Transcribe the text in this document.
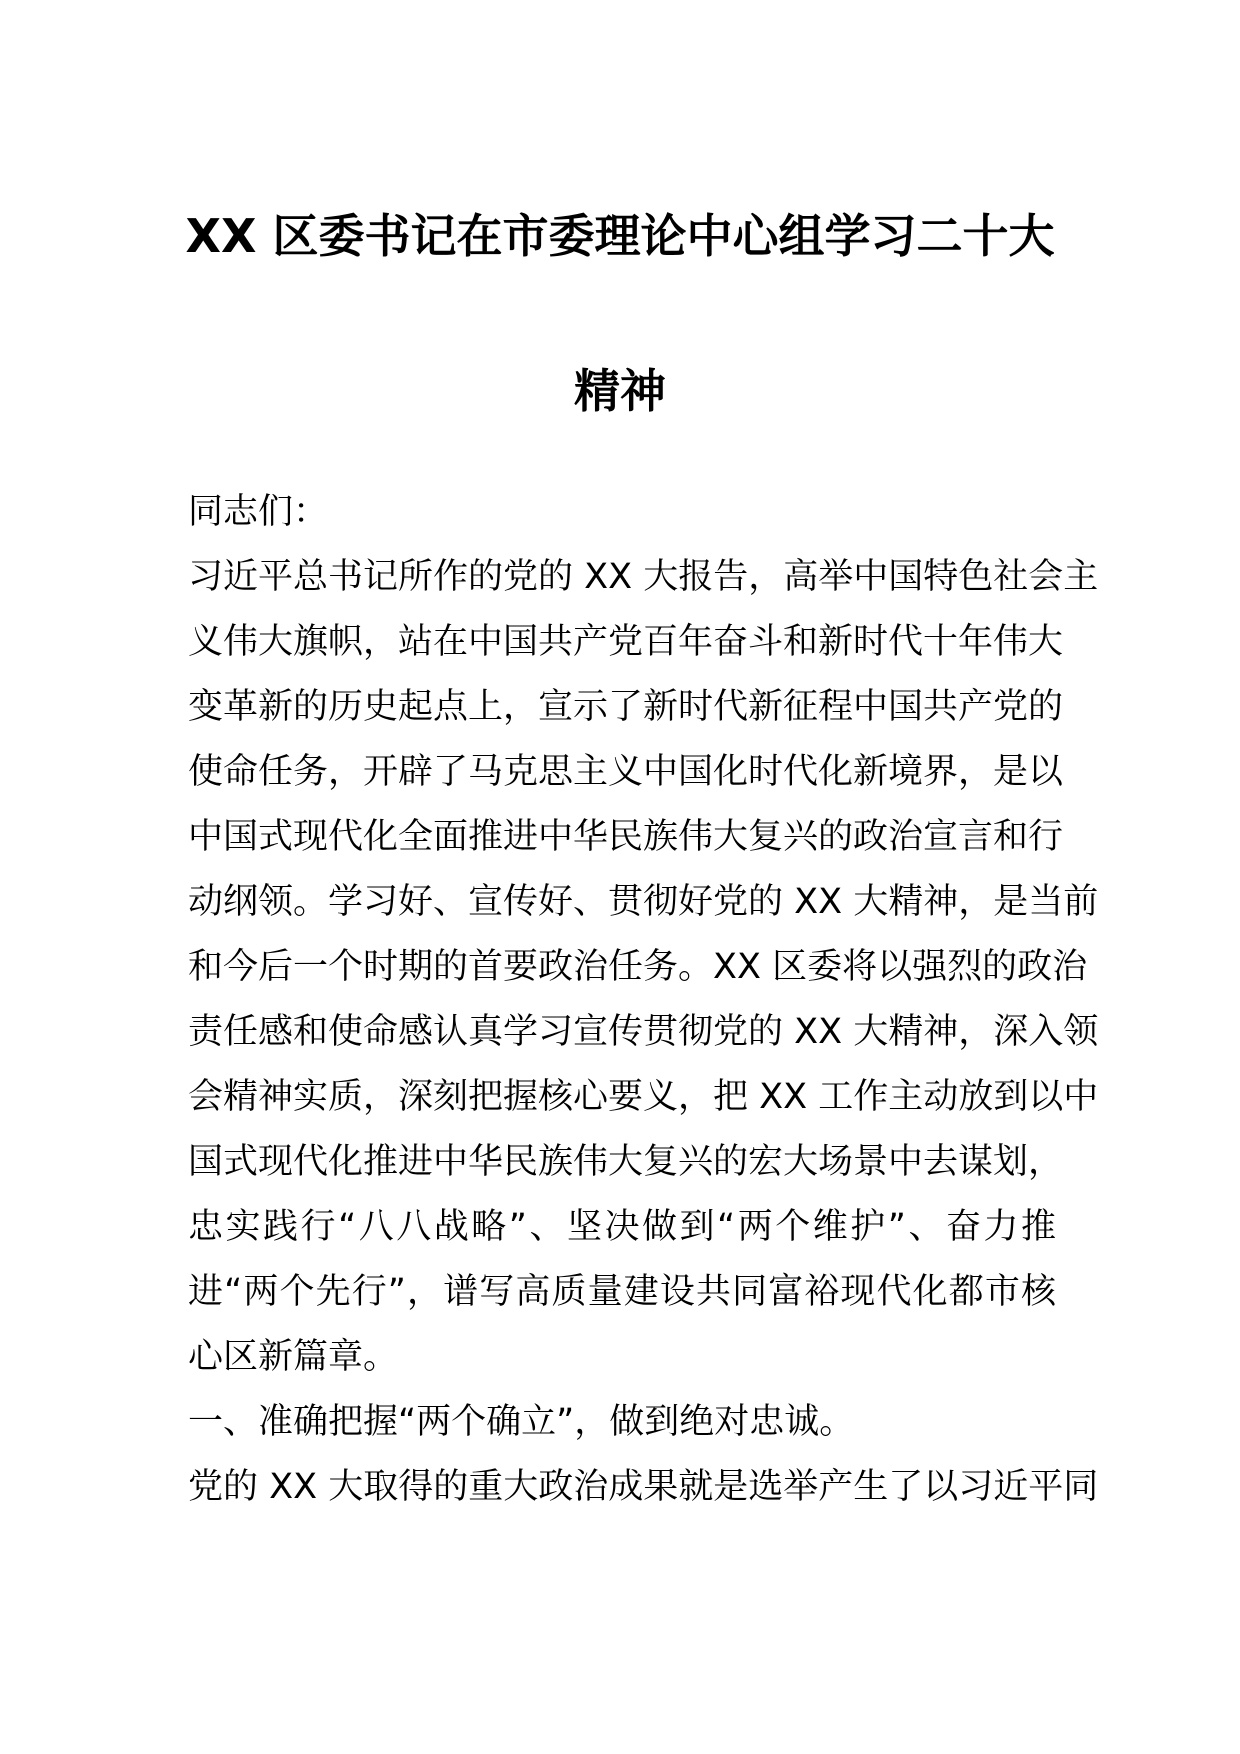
XX 区委书记在市委理论中心组学习二十大
精神
同志们：
习近平总书记所作的党的 XX 大报告，高举中国特色社会主
义伟大旗帜，站在中国共产党百年奋斗和新时代十年伟大
变革新的历史起点上，宣示了新时代新征程中国共产党的
使命任务，开辟了马克思主义中国化时代化新境界，是以
中国式现代化全面推进中华民族伟大复兴的政治宣言和行
动纲领。学习好、宣传好、贯彻好党的 XX 大精神，是当前
和今后一个时期的首要政治任务。XX 区委将以强烈的政治
责任感和使命感认真学习宣传贯彻党的 XX 大精神，深入领
会精神实质，深刻把握核心要义，把 XX 工作主动放到以中
国式现代化推进中华民族伟大复兴的宏大场景中去谋划，
忠实践行“八八战略”、坚决做到“两个维护”、奋力推
进“两个先行”，谱写高质量建设共同富裕现代化都市核
心区新篇章。
一、准确把握“两个确立”，做到绝对忠诚。
党的 XX 大取得的重大政治成果就是选举产生了以习近平同
